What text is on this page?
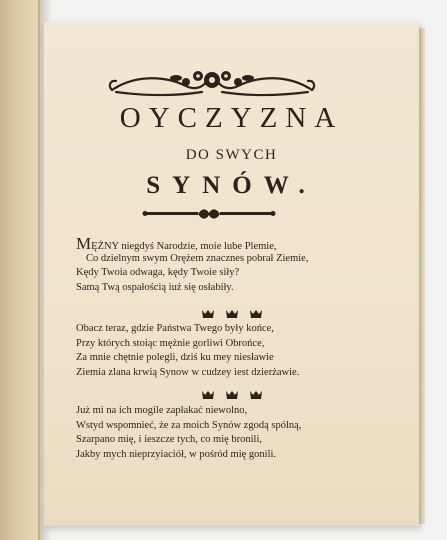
OYCZYZNA
DO SWYCH
SYNÓW.
MĘŻNY niegdyś Narodzie, moie lube Plemie,
Co dzielnym swym Orężem znacznes pobrał Ziemie,
Kędy Twoia odwaga, kędy Twoie siły?
Samą Twą ospałością iuż się osłabiły.

Obacz teraz, gdzie Państwa Twego były końce,
Przy których stoiąc mężnie gorliwi Obrońce,
Za mnie chętnie polegli, dziś ku mey niesławie
Ziemia zlana krwią Synow w cudzey iest dzierżawie.

Już mi na ich mogile zapłakać niewolno,
Wstyd wspomnieć, że za moich Synów zgodą spólną,
Szarpano mię, i ieszcze tych, co mię bronili,
Jakby mych nieprzyiaciół, w pośród mię gonili.
